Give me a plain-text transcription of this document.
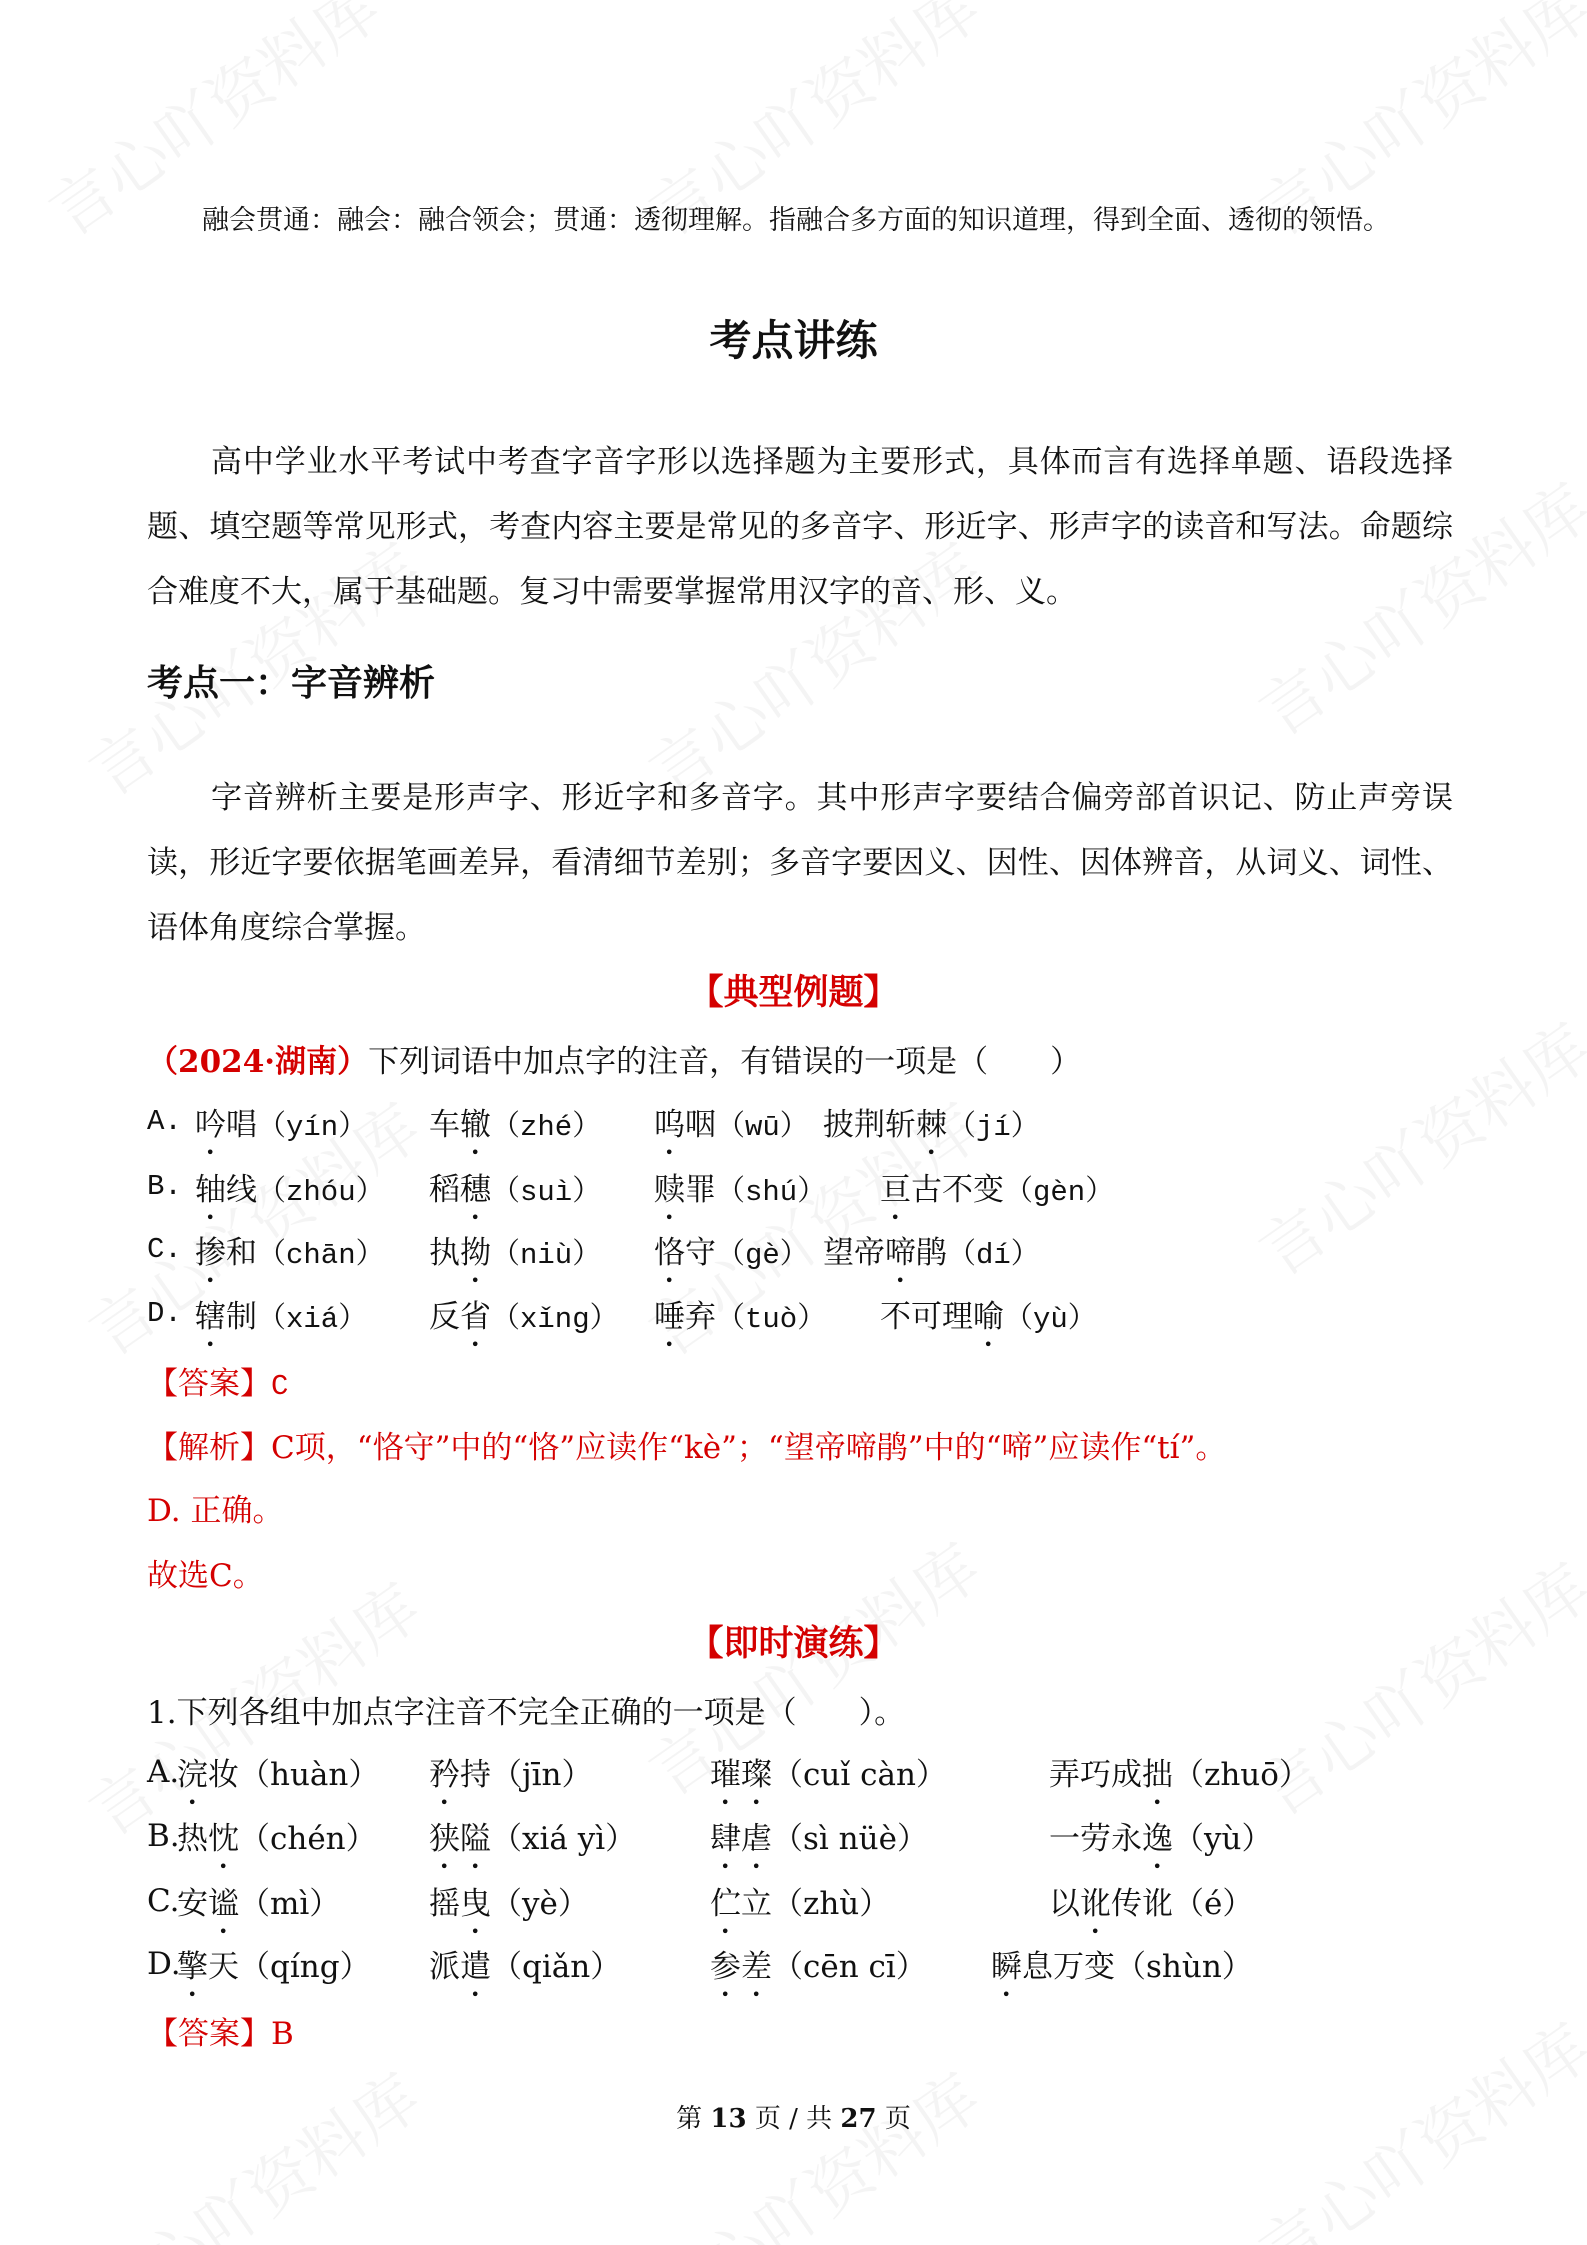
融会贯通：融会：融合领会；贯通：透彻理解。指融合多方面的知识道理，得到全面、透彻的领悟。
考点讲练
高中学业水平考试中考查字音字形以选择题为主要形式，具体而言有选择单题、语段选择题、填空题等常见形式，考查内容主要是常见的多音字、形近字、形声字的读音和写法。命题综合难度不大，属于基础题。复习中需要掌握常用汉字的音、形、义。
考点一：字音辨析
字音辨析主要是形声字、形近字和多音字。其中形声字要结合偏旁部首识记、防止声旁误读，形近字要依据笔画差异，看清细节差别；多音字要因义、因性、因体辨音，从词义、词性、语体角度综合掌握。
【典型例题】
（2024·湖南）下列词语中加点字的注音，有错误的一项是（　　）
A. 吟唱（yín） 车辙（zhé） 呜咽（wū） 披荆斩棘（jí）
B. 轴线（zhóu） 稻穗（suì） 赎罪（shú） 亘古不变（gèn）
C. 掺和（chān） 执拗（niù） 恪守（gè） 望帝啼鹃（dí）
D. 辖制（xiá） 反省（xǐng） 唾弃（tuò） 不可理喻（yù）
【答案】C
【解析】C项，“恪守”中的“恪”应读作“kè”；“望帝啼鹃”中的“啼”应读作“tí”。
D. 正确。
故选C。
【即时演练】
1.下列各组中加点字注音不完全正确的一项是（　　）。
A.
浣妆（huàn） 矜持（jīn）	璀璨（cuǐ càn）	弄巧成拙（zhuō）
B.
热忱（chén） 狭隘（xiá yì） 肆虐（sì nüè）	一劳永逸（yù）
C.
安谧（mì）	摇曳（yè）	伫立（zhù）	以讹传讹（é）
D.
擎天（qíng） 派遣（qiǎn）	参差（cēn cī） 瞬息万变（shùn）
【答案】B
第 13 页 / 共 27 页
